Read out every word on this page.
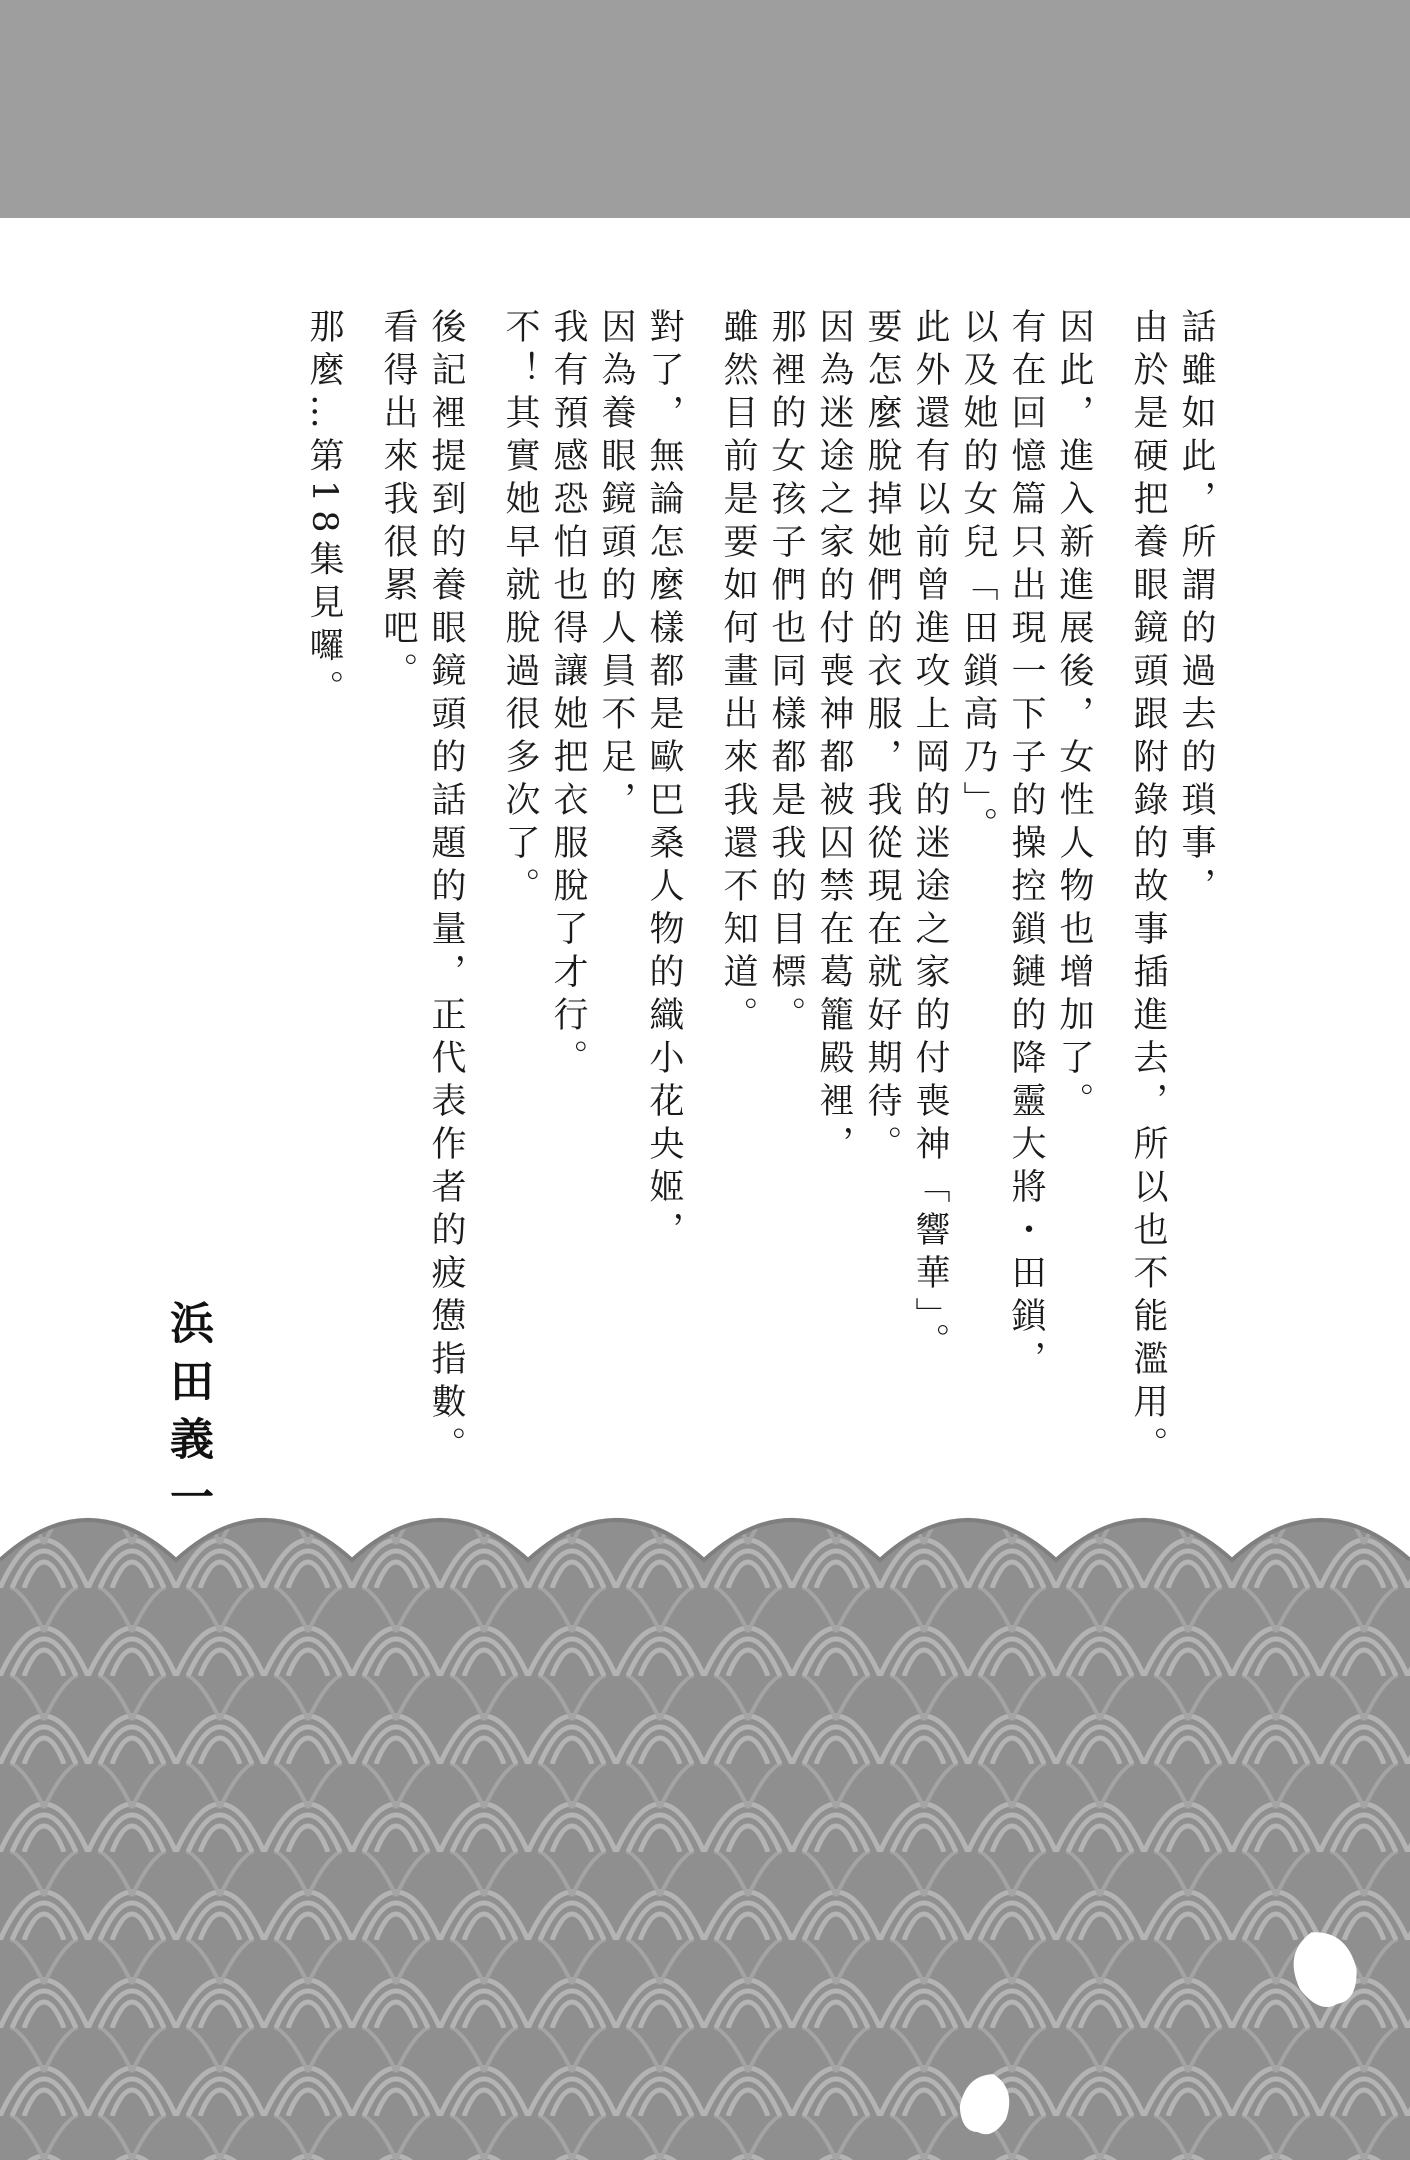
話雖如此，所謂的過去的瑣事，
由於是硬把養眼鏡頭跟附錄的故事插進去，所以也不能濫用。
因此，進入新進展後，女性人物也增加了。
有在回憶篇只出現一下子的操控鎖鏈的降靈大將・田鎖，
以及她的女兒「田鎖高乃」。
此外還有以前曾進攻上岡的迷途之家的付喪神「響華」。
要怎麼脫掉她們的衣服，我從現在就好期待。
因為迷途之家的付喪神都被囚禁在葛籠殿裡，
那裡的女孩子們也同樣都是我的目標。
雖然目前是要如何畫出來我還不知道。
對了，無論怎麼樣都是歐巴桑人物的織小花央姬，
因為養眼鏡頭的人員不足，
我有預感恐怕也得讓她把衣服脫了才行。
不！其實她早就脫過很多次了。
後記裡提到的養眼鏡頭的話題的量，正代表作者的疲憊指數。
看得出來我很累吧。
那麼…第18集見囉。
浜田義一
